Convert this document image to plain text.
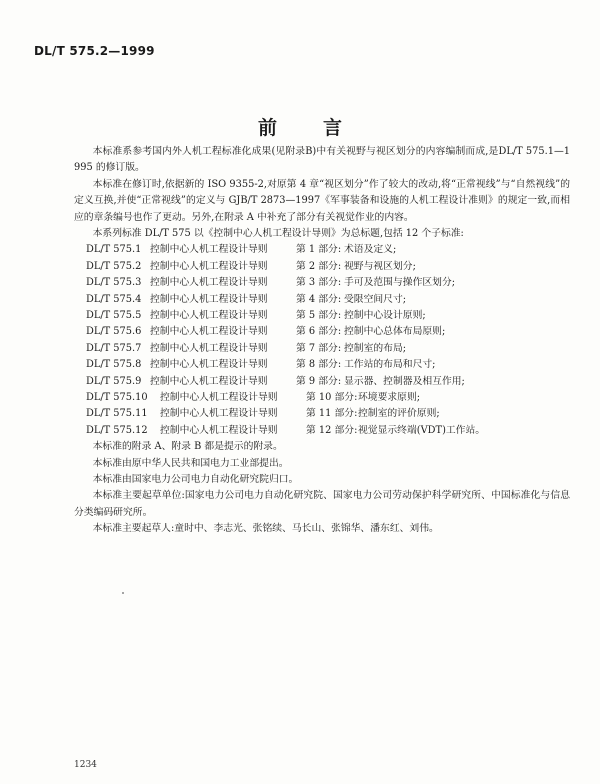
DL/T 575.2—1999
前 言

本标准系参考国内外人机工程标准化成果(见附录B)中有关视野与视区划分的内容编制而成,是DL/T 575.1—1995 的修订版。

本标准在修订时,依据新的 ISO 9355-2,对原第 4 章“视区划分”作了较大的改动,将“正常视线”与“自然视线”的定义互换,并使“正常视线”的定义与 GJB/T 2873—1997《军事装备和设施的人机工程设计准则》的规定一致,而相应的章条编号也作了更动。另外,在附录 A 中补充了部分有关视觉作业的内容。

本系列标准 DL/T 575 以《控制中心人机工程设计导则》为总标题,包括 12 个子标准:

DL/T 575.1 控制中心人机工程设计导则	第 1 部分: 术语及定义;
DL/T 575.2 控制中心人机工程设计导则	第 2 部分: 视野与视区划分;
DL/T 575.3 控制中心人机工程设计导则	第 3 部分: 手可及范围与操作区划分;
DL/T 575.4 控制中心人机工程设计导则	第 4 部分: 受限空间尺寸;
DL/T 575.5 控制中心人机工程设计导则	第 5 部分: 控制中心设计原则;
DL/T 575.6 控制中心人机工程设计导则	第 6 部分: 控制中心总体布局原则;
DL/T 575.7 控制中心人机工程设计导则	第 7 部分: 控制室的布局;
DL/T 575.8 控制中心人机工程设计导则	第 8 部分: 工作站的布局和尺寸;
DL/T 575.9 控制中心人机工程设计导则	第 9 部分: 显示器、控制器及相互作用;
DL/T 575.10	控制中心人机工程设计导则	第 10 部分: 环境要求原则;
DL/T 575.11	控制中心人机工程设计导则	第 11 部分: 控制室的评价原则;
DL/T 575.12	控制中心人机工程设计导则	第 12 部分: 视觉显示终端(VDT)工作站。

本标准的附录 A、附录 B 都是提示的附录。

本标准由原中华人民共和国电力工业部提出。

本标准由国家电力公司电力自动化研究院归口。

本标准主要起草单位:国家电力公司电力自动化研究院、国家电力公司劳动保护科学研究所、中国标准化与信息分类编码研究所。

本标准主要起草人:童时中、李志光、张铭续、马长山、张锦华、潘东红、刘伟。

1234
